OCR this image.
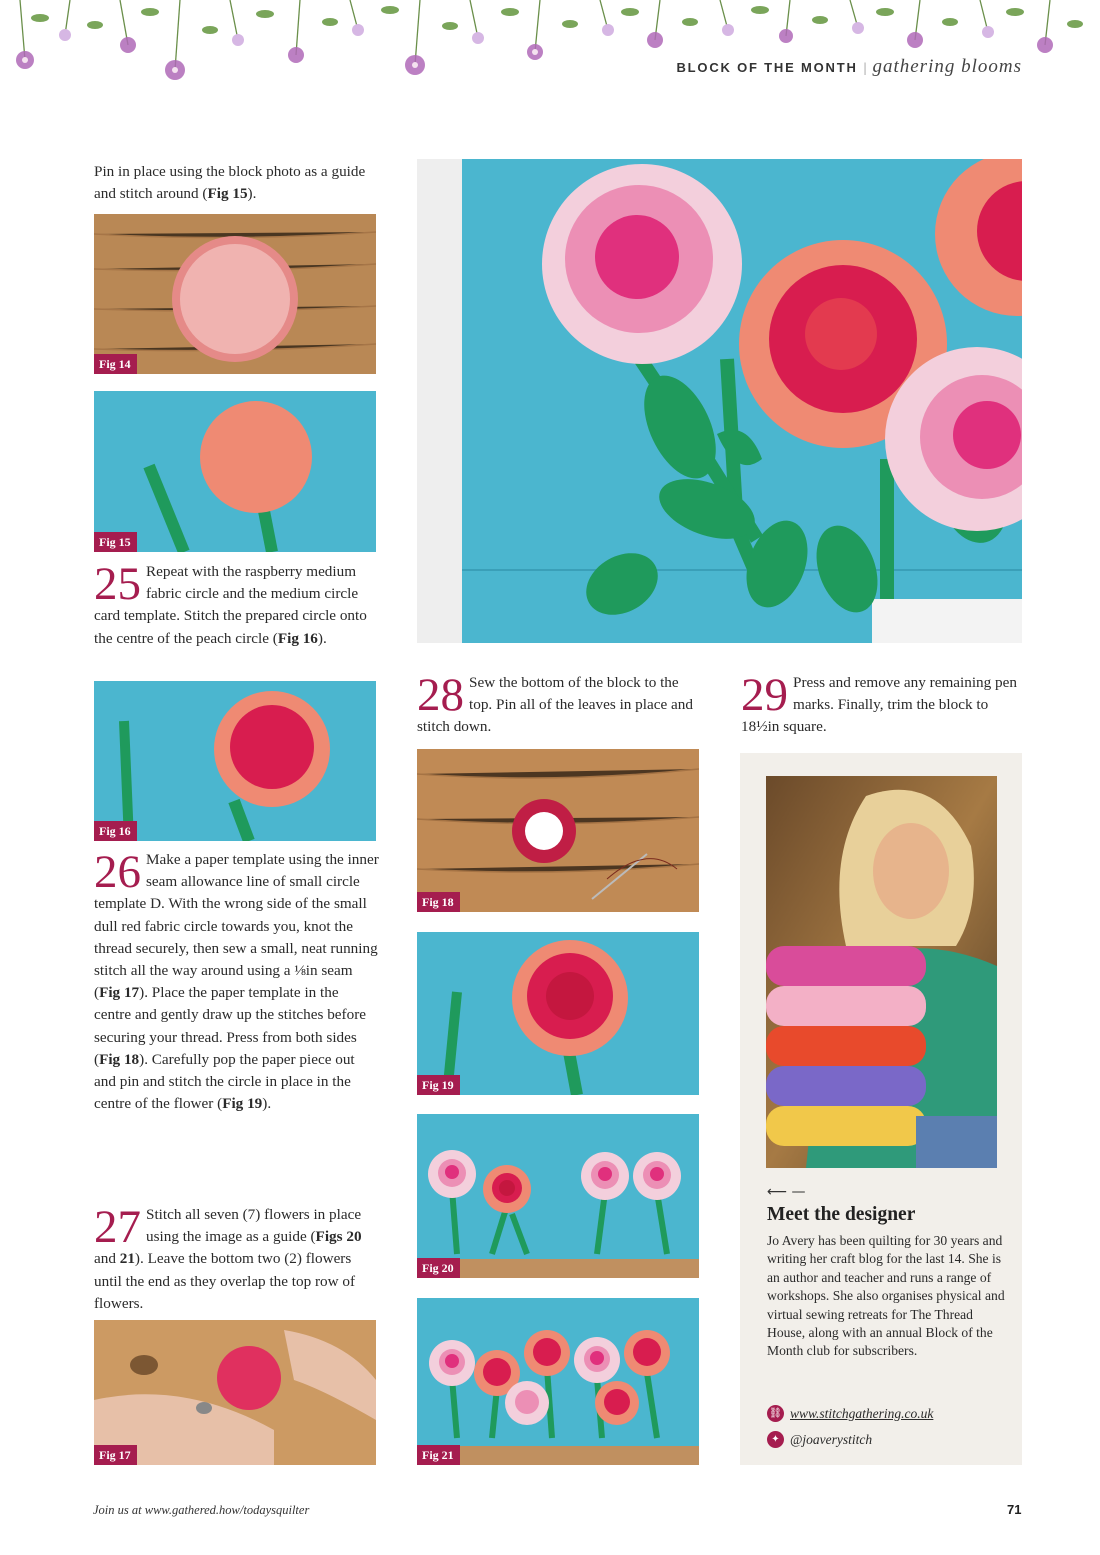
BLOCK OF THE MONTH | gathering blooms
Pin in place using the block photo as a guide and stitch around (Fig 15).
Fig 14
Fig 15
25 Repeat with the raspberry medium fabric circle and the medium circle card template. Stitch the prepared circle onto the centre of the peach circle (Fig 16).
Fig 16
26 Make a paper template using the inner seam allowance line of small circle template D. With the wrong side of the small dull red fabric circle towards you, knot the thread securely, then sew a small, neat running stitch all the way around using a ⅛in seam (Fig 17). Place the paper template in the centre and gently draw up the stitches before securing your thread. Press from both sides (Fig 18). Carefully pop the paper piece out and pin and stitch the circle in place in the centre of the flower (Fig 19).
27 Stitch all seven (7) flowers in place using the image as a guide (Figs 20 and 21). Leave the bottom two (2) flowers until the end as they overlap the top row of flowers.
Fig 17
28 Sew the bottom of the block to the top. Pin all of the leaves in place and stitch down.
29 Press and remove any remaining pen marks. Finally, trim the block to 18½in square.
Fig 18
Fig 19
Fig 20
Fig 21
⟵ —
Meet the designer
Jo Avery has been quilting for 30 years and writing her craft blog for the last 14. She is an author and teacher and runs a range of workshops. She also organises physical and virtual sewing retreats for The Thread House, along with an annual Block of the Month club for subscribers.
⛓ www.stitchgathering.co.uk
✦ @joaverystitch
Join us at www.gathered.how/todaysquilter	71
